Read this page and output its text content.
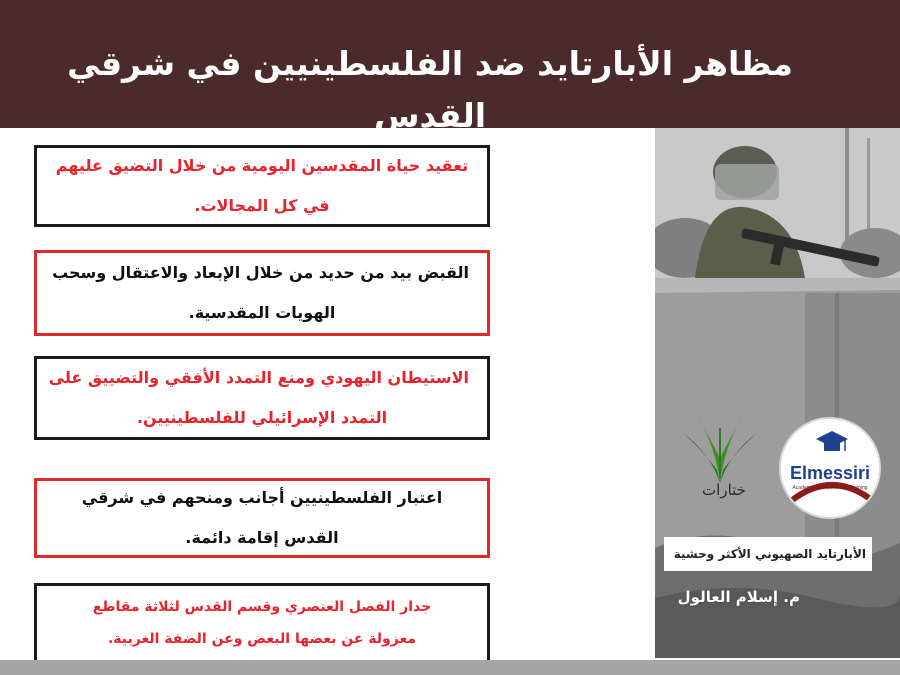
مظاهر الأبارتايد ضد الفلسطينيين في شرقي القدس
تعقيد حياة المقدسين اليومية من خلال التضيق عليهم
في كل المجالات.
القبض بيد من حديد من خلال الإبعاد والاعتقال وسحب
الهويات المقدسية.
الاستيطان اليهودي ومنع التمدد الأفقي والتضييق على
التمدد الإسرائيلي للفلسطينيين.
اعتبار الفلسطينيين أجانب ومنحهم في شرقي
القدس إقامة دائمة.
جدار الفصل العنصري وقسم القدس لثلاثة مقاطع
معزولة عن بعضها البعض وعن الضفة الغربية.
ختارات
Elmessiri
Academy for Studies and Training
الأبارتايد الصهيوني الأكثر وحشية
م. إسلام العالول
